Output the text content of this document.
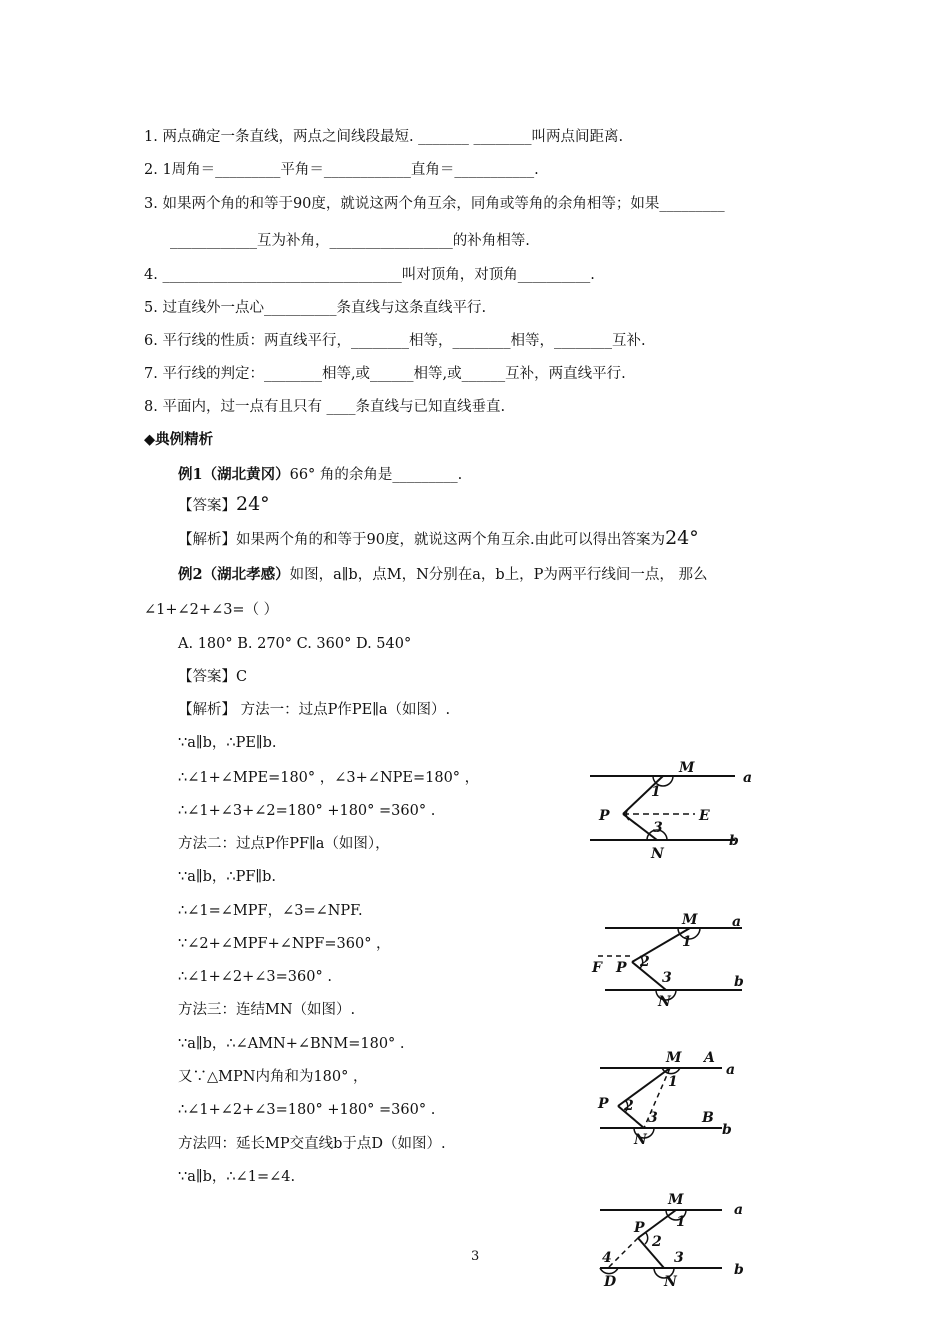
1. 两点确定一条直线，两点之间线段最短. _______ ________叫两点间距离.
2. 1周角＝_________平角＝____________直角＝___________.
3. 如果两个角的和等于90度，就说这两个角互余，同角或等角的余角相等；如果_________
____________互为补角，_________________的补角相等.
4. _________________________________叫对顶角，对顶角__________.
5. 过直线外一点心__________条直线与这条直线平行.
6. 平行线的性质：两直线平行，________相等，________相等，________互补.
7. 平行线的判定：________相等,或______相等,或______互补，两直线平行.
8. 平面内，过一点有且只有 ____条直线与已知直线垂直.
◆典例精析
例1（湖北黄冈）66° 角的余角是_________.
【答案】24°
【解析】如果两个角的和等于90度，就说这两个角互余.由此可以得出答案为24°
例2（湖北孝感）如图，a∥b，点M，N分别在a，b上，P为两平行线间一点， 那么
∠1+∠2+∠3=（ ）
A. 180° B. 270° C. 360° D. 540°
【答案】C
【解析】 方法一：过点P作PE∥a（如图）.
∵a∥b，∴PE∥b.
∴∠1+∠MPE=180° ，∠3+∠NPE=180° ，
∴∠1+∠3+∠2=180° +180° =360° .
方法二：过点P作PF∥a（如图），
∵a∥b，∴PF∥b.
∴∠1=∠MPF，∠3=∠NPF.
∵∠2+∠MPF+∠NPF=360° ，
∴∠1+∠2+∠3=360° .
方法三：连结MN（如图）.
∵a∥b，∴∠AMN+∠BNM=180° .
又∵△MPN内角和为180° ，
∴∠1+∠2+∠3=180° +180° =360° .
方法四：延长MP交直线b于点D（如图）.
∵a∥b，∴∠1=∠4.
M
a
1
P	E
3
N
b
M a
1
F P 2
3
N
b
M A
a
1
P 2
3	B
N
b
M
a
1
P
2
4	3
D	N
b
3
